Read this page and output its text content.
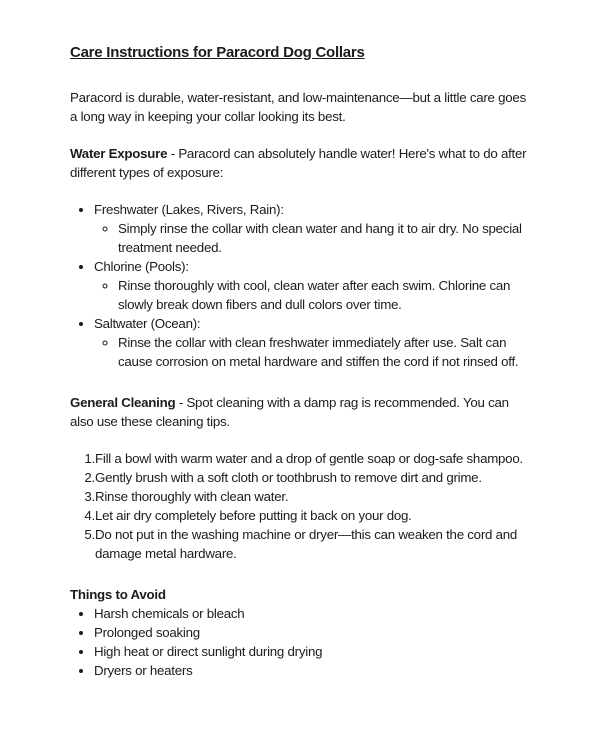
Care Instructions for Paracord Dog Collars

Paracord is durable, water-resistant, and low-maintenance—but a little care goes a long way in keeping your collar looking its best.

Water Exposure - Paracord can absolutely handle water! Here's what to do after different types of exposure:

• Freshwater (Lakes, Rivers, Rain):
◦ Simply rinse the collar with clean water and hang it to air dry. No special treatment needed.
• Chlorine (Pools):
◦ Rinse thoroughly with cool, clean water after each swim. Chlorine can slowly break down fibers and dull colors over time.
• Saltwater (Ocean):
◦ Rinse the collar with clean freshwater immediately after use. Salt can cause corrosion on metal hardware and stiffen the cord if not rinsed off.

General Cleaning - Spot cleaning with a damp rag is recommended. You can also use these cleaning tips.

Fill a bowl with warm water and a drop of gentle soap or dog-safe shampoo.
Gently brush with a soft cloth or toothbrush to remove dirt and grime.
Rinse thoroughly with clean water.
Let air dry completely before putting it back on your dog.
Do not put in the washing machine or dryer—this can weaken the cord and damage metal hardware.
Things to Avoid
• Harsh chemicals or bleach
• Prolonged soaking
• High heat or direct sunlight during drying
• Dryers or heaters
